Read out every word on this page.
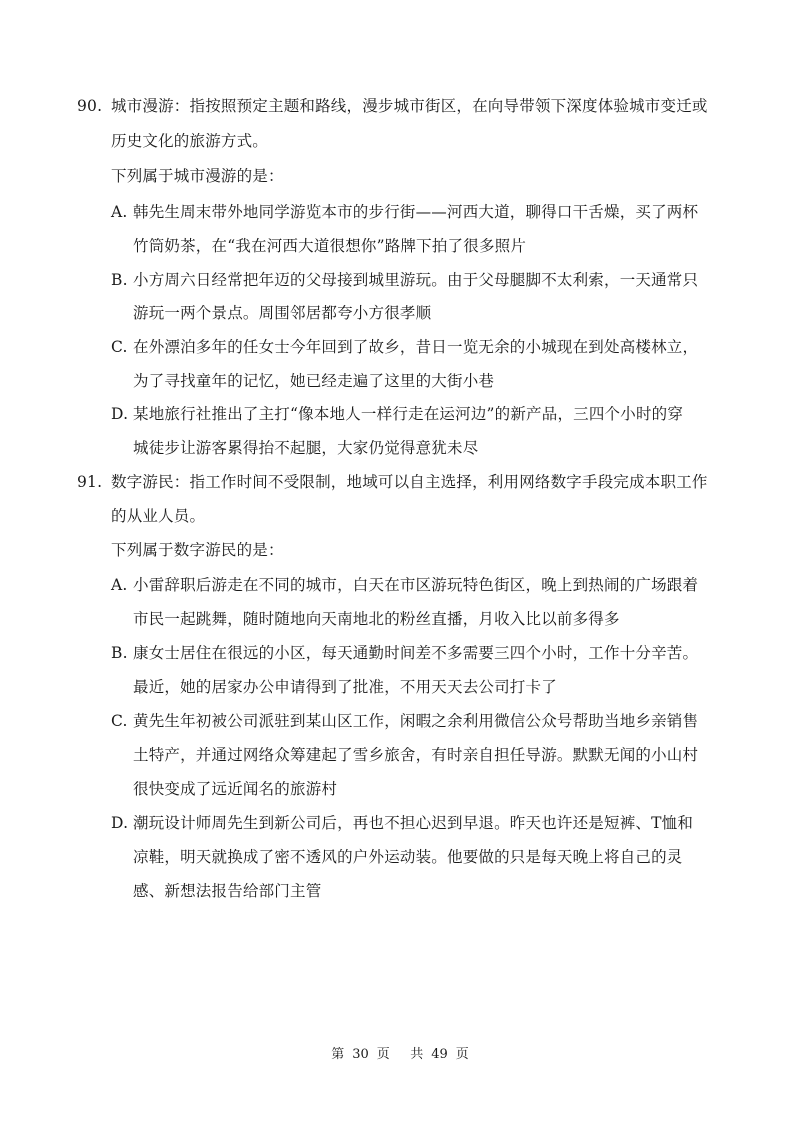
90. 城市漫游：指按照预定主题和路线，漫步城市街区，在向导带领下深度体验城市变迁或
历史文化的旅游方式。
下列属于城市漫游的是：
A. 韩先生周末带外地同学游览本市的步行街——河西大道，聊得口干舌燥，买了两杯
竹筒奶茶，在“我在河西大道很想你”路牌下拍了很多照片
B. 小方周六日经常把年迈的父母接到城里游玩。由于父母腿脚不太利索，一天通常只
游玩一两个景点。周围邻居都夸小方很孝顺
C. 在外漂泊多年的任女士今年回到了故乡，昔日一览无余的小城现在到处高楼林立，
为了寻找童年的记忆，她已经走遍了这里的大街小巷
D. 某地旅行社推出了主打“像本地人一样行走在运河边”的新产品，三四个小时的穿
城徒步让游客累得抬不起腿，大家仍觉得意犹未尽
91. 数字游民：指工作时间不受限制，地域可以自主选择，利用网络数字手段完成本职工作
的从业人员。
下列属于数字游民的是：
A. 小雷辞职后游走在不同的城市，白天在市区游玩特色街区，晚上到热闹的广场跟着
市民一起跳舞，随时随地向天南地北的粉丝直播，月收入比以前多得多
B. 康女士居住在很远的小区，每天通勤时间差不多需要三四个小时，工作十分辛苦。
最近，她的居家办公申请得到了批准，不用天天去公司打卡了
C. 黄先生年初被公司派驻到某山区工作，闲暇之余利用微信公众号帮助当地乡亲销售
土特产，并通过网络众筹建起了雪乡旅舍，有时亲自担任导游。默默无闻的小山村
很快变成了远近闻名的旅游村
D. 潮玩设计师周先生到新公司后，再也不担心迟到早退。昨天也许还是短裤、T恤和
凉鞋，明天就换成了密不透风的户外运动装。他要做的只是每天晚上将自己的灵
感、新想法报告给部门主管
第 30 页 共 49 页
